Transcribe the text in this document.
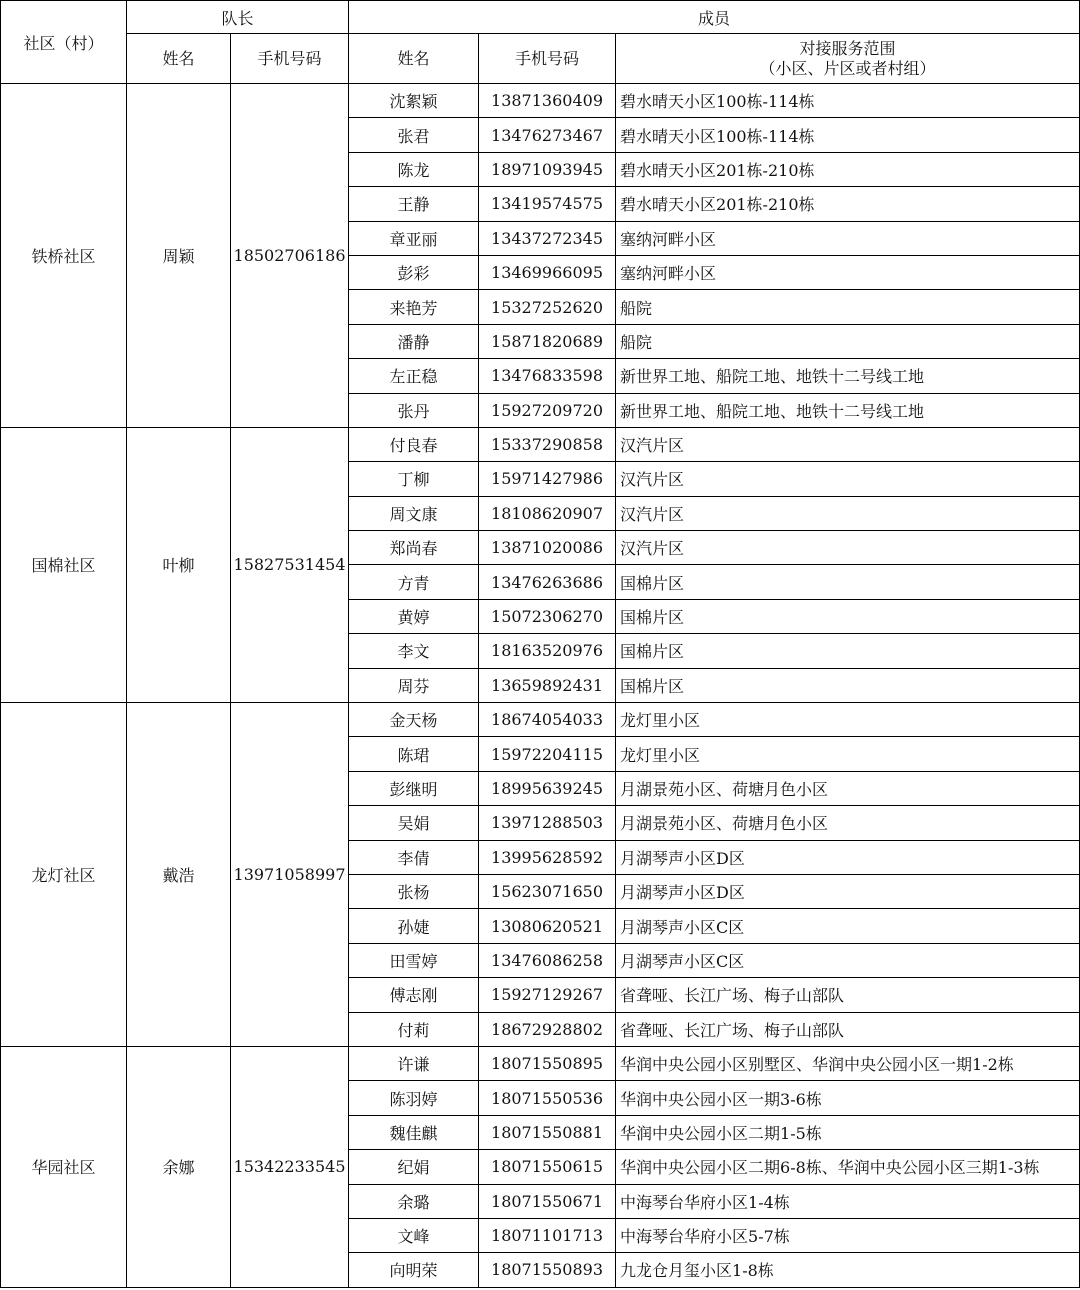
社区（村）	队长		成员		
	姓名	手机号码	姓名	手机号码	对接服务范围
（小区、片区或者村组）

铁桥社区	周颖	18502706186	沈絮颖	13871360409	碧水晴天小区100栋-114栋
			张君	13476273467	碧水晴天小区100栋-114栋
			陈龙	18971093945	碧水晴天小区201栋-210栋
			王静	13419574575	碧水晴天小区201栋-210栋
			章亚丽	13437272345	塞纳河畔小区
			彭彩	13469966095	塞纳河畔小区
			来艳芳	15327252620	船院
			潘静	15871820689	船院
			左正稳	13476833598	新世界工地、船院工地、地铁十二号线工地
			张丹	15927209720	新世界工地、船院工地、地铁十二号线工地
国棉社区	叶柳	15827531454	付良春	15337290858	汉汽片区
			丁柳	15971427986	汉汽片区
			周文康	18108620907	汉汽片区
			郑尚春	13871020086	汉汽片区
			方青	13476263686	国棉片区
			黄婷	15072306270	国棉片区
			李文	18163520976	国棉片区
			周芬	13659892431	国棉片区
龙灯社区	戴浩	13971058997	金天杨	18674054033	龙灯里小区
			陈珺	15972204115	龙灯里小区
			彭继明	18995639245	月湖景苑小区、荷塘月色小区
			吴娟	13971288503	月湖景苑小区、荷塘月色小区
			李倩	13995628592	月湖琴声小区D区
			张杨	15623071650	月湖琴声小区D区
			孙婕	13080620521	月湖琴声小区C区
			田雪婷	13476086258	月湖琴声小区C区
			傅志刚	15927129267	省聋哑、长江广场、梅子山部队
			付莉	18672928802	省聋哑、长江广场、梅子山部队
华园社区	余娜	15342233545	许谦	18071550895	华润中央公园小区别墅区、华润中央公园小区一期1-2栋
			陈羽婷	18071550536	华润中央公园小区一期3-6栋
			魏佳麒	18071550881	华润中央公园小区二期1-5栋
			纪娟	18071550615	华润中央公园小区二期6-8栋、华润中央公园小区三期1-3栋
			余璐	18071550671	中海琴台华府小区1-4栋
			文峰	18071101713	中海琴台华府小区5-7栋
			向明荣	18071550893	九龙仓月玺小区1-8栋
